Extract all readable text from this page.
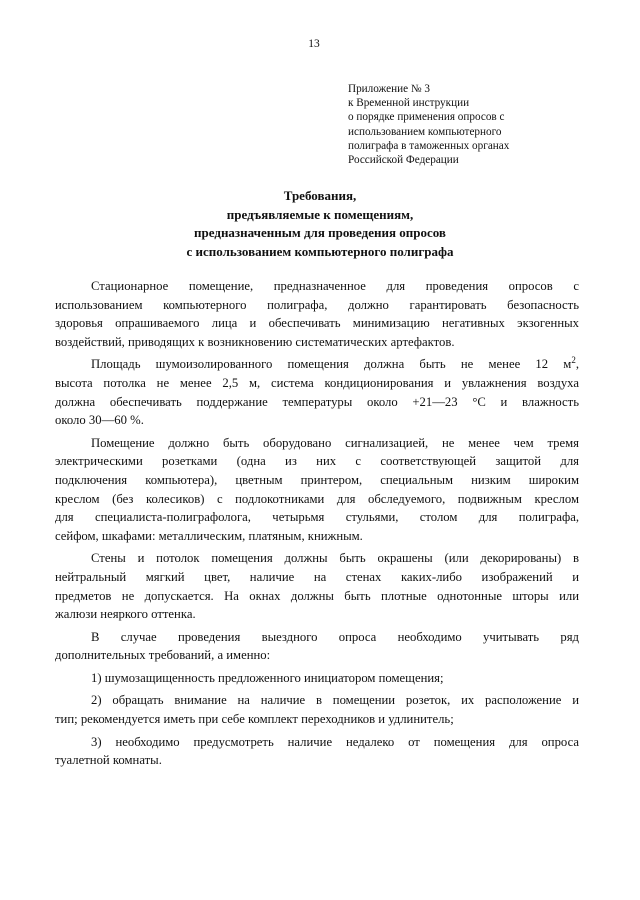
13
Приложение № 3
к Временной инструкции
о порядке применения опросов с
использованием компьютерного
полиграфа в таможенных органах
Российской Федерации
Требования,
предъявляемые к помещениям,
предназначенным для проведения опросов
с использованием компьютерного полиграфа
Стационарное помещение, предназначенное для проведения опросов с
использованием компьютерного полиграфа, должно гарантировать безопасность
здоровья опрашиваемого лица и обеспечивать минимизацию негативных экзогенных
воздействий, приводящих к возникновению систематических артефактов.
Площадь шумоизолированного помещения должна быть не менее 12 $м^2$,
высота потолка не менее 2,5 м, система кондиционирования и увлажнения воздуха
должна обеспечивать поддержание температуры около +21—23 °С и влажность
около 30—60 %.
Помещение должно быть оборудовано сигнализацией, не менее чем тремя
электрическими розетками (одна из них с соответствующей защитой для
подключения компьютера), цветным принтером, специальным низким широким
креслом (без колесиков) с подлокотниками для обследуемого, подвижным креслом
для специалиста-полиграфолога, четырьмя стульями, столом для полиграфа,
сейфом, шкафами: металлическим, платяным, книжным.
Стены и потолок помещения должны быть окрашены (или декорированы) в
нейтральный мягкий цвет, наличие на стенах каких-либо изображений и
предметов не допускается. На окнах должны быть плотные однотонные шторы или
жалюзи неяркого оттенка.
В случае проведения выездного опроса необходимо учитывать ряд
дополнительных требований, а именно:
1) шумозащищенность предложенного инициатором помещения;
2) обращать внимание на наличие в помещении розеток, их расположение и
тип; рекомендуется иметь при себе комплект переходников и удлинитель;
3) необходимо предусмотреть наличие недалеко от помещения для опроса
туалетной комнаты.
